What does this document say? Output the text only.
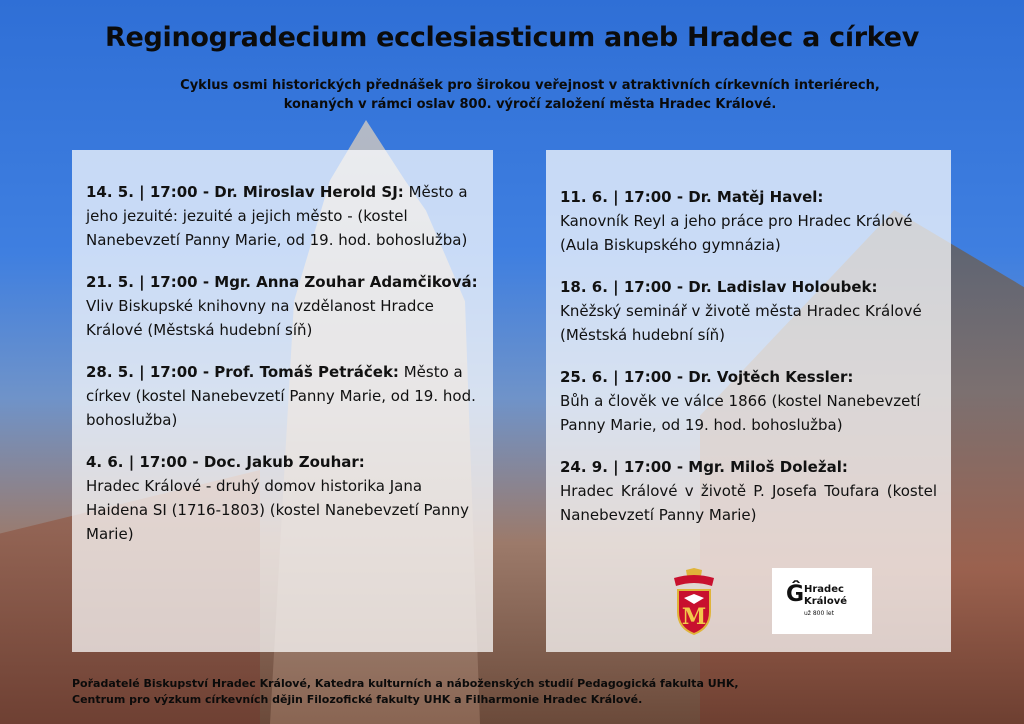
Reginogradecium ecclesiasticum aneb Hradec a církev
Cyklus osmi historických přednášek pro širokou veřejnost v atraktivních církevních interiérech,
konaných v rámci oslav 800. výročí založení města Hradec Králové.
14. 5. | 17:00 - Dr. Miroslav Herold SJ: Město a jeho jezuité: jezuité a jejich město - (kostel Nanebevzetí Panny Marie, od 19. hod. bohoslužba)
21. 5. | 17:00 - Mgr. Anna Zouhar Adamčiková:
Vliv Biskupské knihovny na vzdělanost Hradce Králové (Městská hudební síň)
28. 5. | 17:00 - Prof. Tomáš Petráček: Město a církev (kostel Nanebevzetí Panny Marie, od 19. hod. bohoslužba)
4. 6. | 17:00 - Doc. Jakub Zouhar:
Hradec Králové - druhý domov historika Jana Haidena SI (1716-1803) (kostel Nanebevzetí Panny Marie)
11. 6. | 17:00 - Dr. Matěj Havel:
Kanovník Reyl a jeho práce pro Hradec Králové (Aula Biskupského gymnázia)
18. 6. | 17:00 - Dr. Ladislav Holoubek:
Kněžský seminář v životě města Hradec Králové (Městská hudební síň)
25. 6. | 17:00 - Dr. Vojtěch Kessler:
Bůh a člověk ve válce 1866 (kostel Nanebevzetí Panny Marie, od 19. hod. bohoslužba)
24. 9. | 17:00 - Mgr. Miloš Doležal:
Hradec Králové v životě P. Josefa Toufara (kostel Nanebevzetí Panny Marie)
M
Ĝ Hradec
Králové
už 800 let
Pořadatelé Biskupství Hradec Králové, Katedra kulturních a náboženských studií Pedagogická fakulta UHK,
Centrum pro výzkum církevních dějin Filozofické fakulty UHK a Filharmonie Hradec Králové.
